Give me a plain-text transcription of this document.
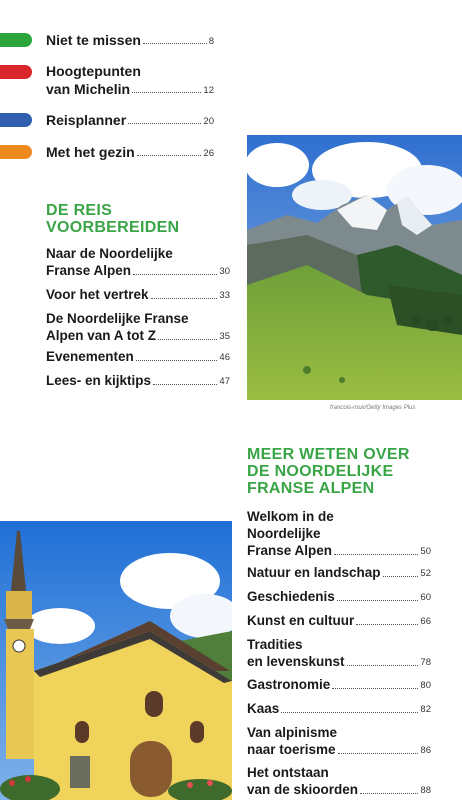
Niet te missen	8
Hoogtepunten
van Michelin	12
Reisplanner	20
Met het gezin	26
DE REIS
VOORBEREIDEN
Naar de Noordelijke
Franse Alpen	30
Voor het vertrek	33
De Noordelijke Franse
Alpen van A tot Z	35
Evenementen	46
Lees- en kijktips	47
francois-roux/Getty Images Plus
MEER WETEN OVER
DE NOORDELIJKE
FRANSE ALPEN
Welkom in de
Noordelijke
Franse Alpen	50
Natuur en landschap	52
Geschiedenis	60
Kunst en cultuur	66
Tradities
en levenskunst	78
Gastronomie	80
Kaas	82
Van alpinisme
naar toerisme	86
Het ontstaan
van de skioorden	88
